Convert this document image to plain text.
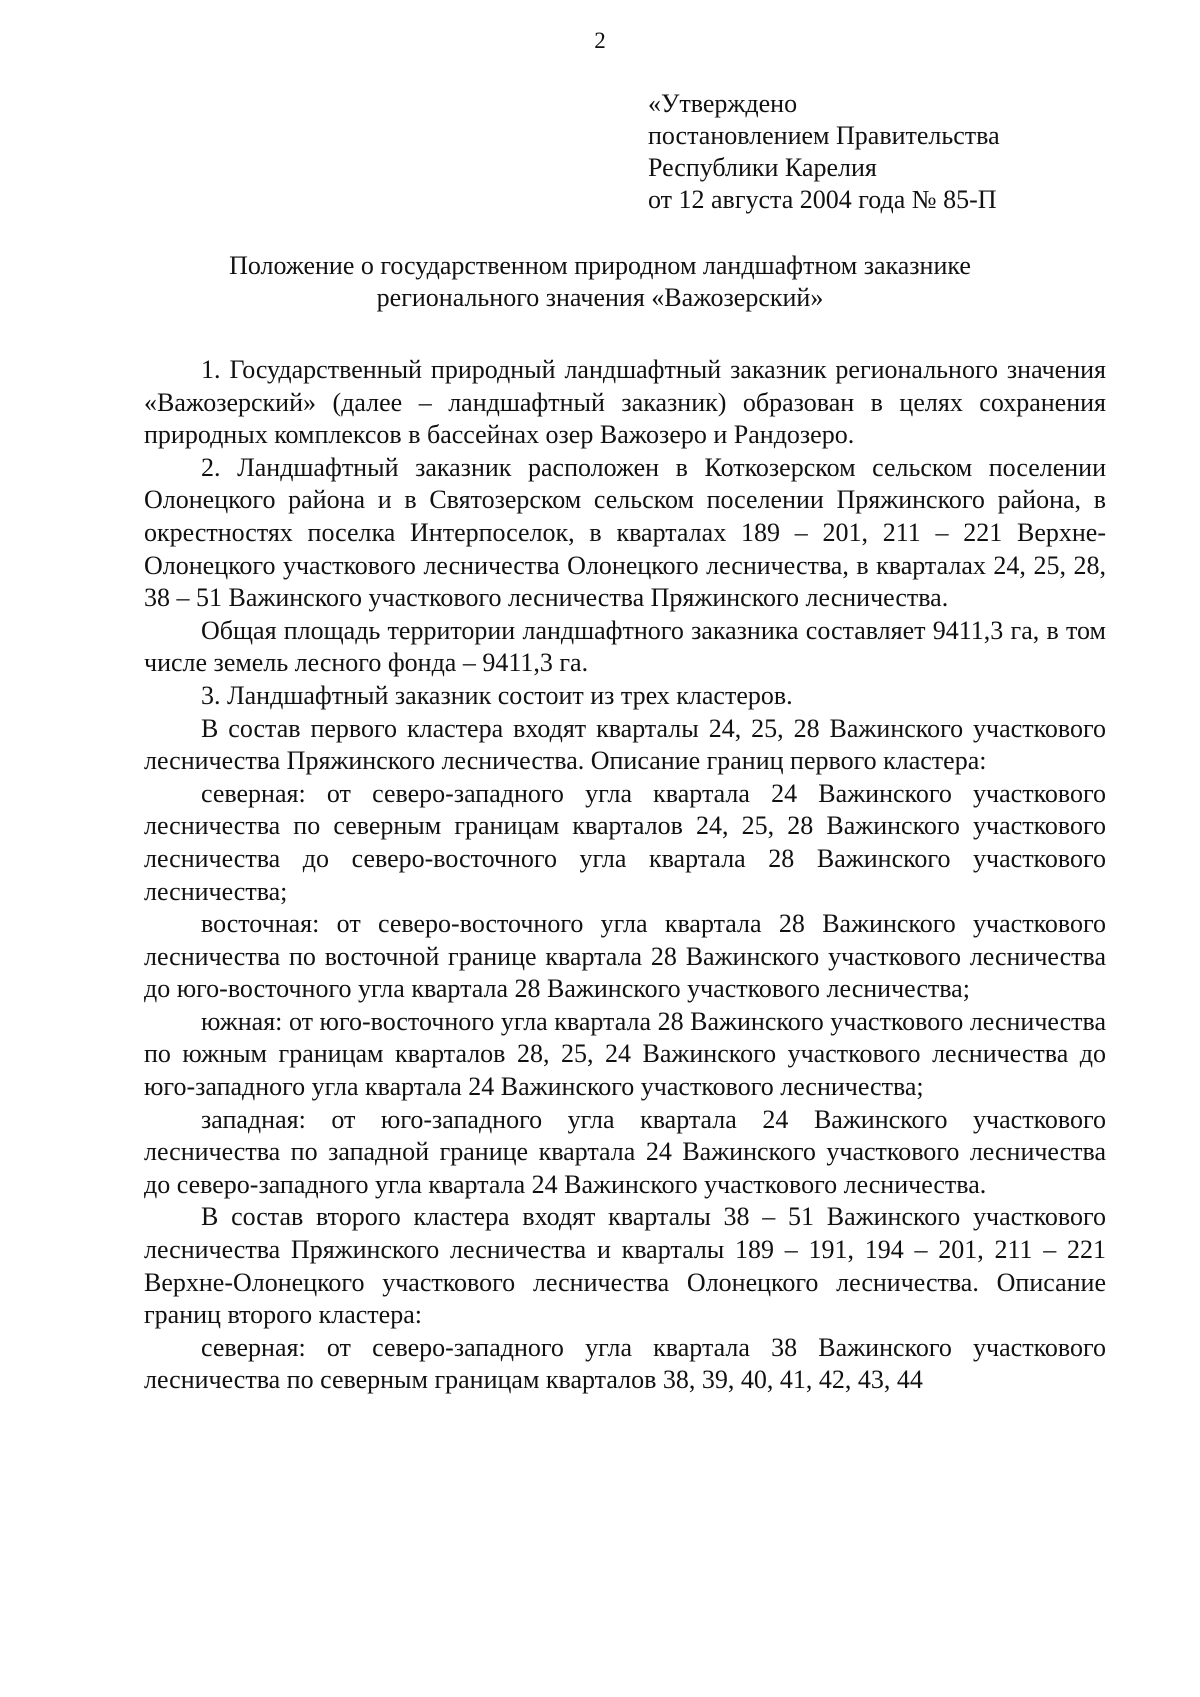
2
«Утверждено
постановлением Правительства
Республики Карелия
от 12 августа 2004 года № 85-П
Положение о государственном природном ландшафтном заказнике
регионального значения «Важозерский»

1. Государственный природный ландшафтный заказник регионального значения «Важозерский» (далее – ландшафтный заказник) образован в целях сохранения природных комплексов в бассейнах озер Важозеро и Рандозеро.

2. Ландшафтный заказник расположен в Коткозерском сельском поселении Олонецкого района и в Святозерском сельском поселении Пряжинского района, в окрестностях поселка Интерпоселок, в кварталах 189 – 201, 211 – 221 Верхне-Олонецкого участкового лесничества Олонецкого лесничества, в кварталах 24, 25, 28, 38 – 51 Важинского участкового лесничества Пряжинского лесничества.

Общая площадь территории ландшафтного заказника составляет 9411,3 га, в том числе земель лесного фонда – 9411,3 га.

3. Ландшафтный заказник состоит из трех кластеров.

В состав первого кластера входят кварталы 24, 25, 28 Важинского участкового лесничества Пряжинского лесничества. Описание границ первого кластера:

северная: от северо-западного угла квартала 24 Важинского участкового лесничества по северным границам кварталов 24, 25, 28 Важинского участкового лесничества до северо-восточного угла квартала 28 Важинского участкового лесничества;

восточная: от северо-восточного угла квартала 28 Важинского участкового лесничества по восточной границе квартала 28 Важинского участкового лесничества до юго-восточного угла квартала 28 Важинского участкового лесничества;

южная: от юго-восточного угла квартала 28 Важинского участкового лесничества по южным границам кварталов 28, 25, 24 Важинского участкового лесничества до юго-западного угла квартала 24 Важинского участкового лесничества;

западная: от юго-западного угла квартала 24 Важинского участкового лесничества по западной границе квартала 24 Важинского участкового лесничества до северо-западного угла квартала 24 Важинского участкового лесничества.

В состав второго кластера входят кварталы 38 – 51 Важинского участкового лесничества Пряжинского лесничества и кварталы 189 – 191, 194 – 201, 211 – 221 Верхне-Олонецкого участкового лесничества Олонецкого лесничества. Описание границ второго кластера:

северная: от северо-западного угла квартала 38 Важинского участкового лесничества по северным границам кварталов 38, 39, 40, 41, 42, 43, 44
